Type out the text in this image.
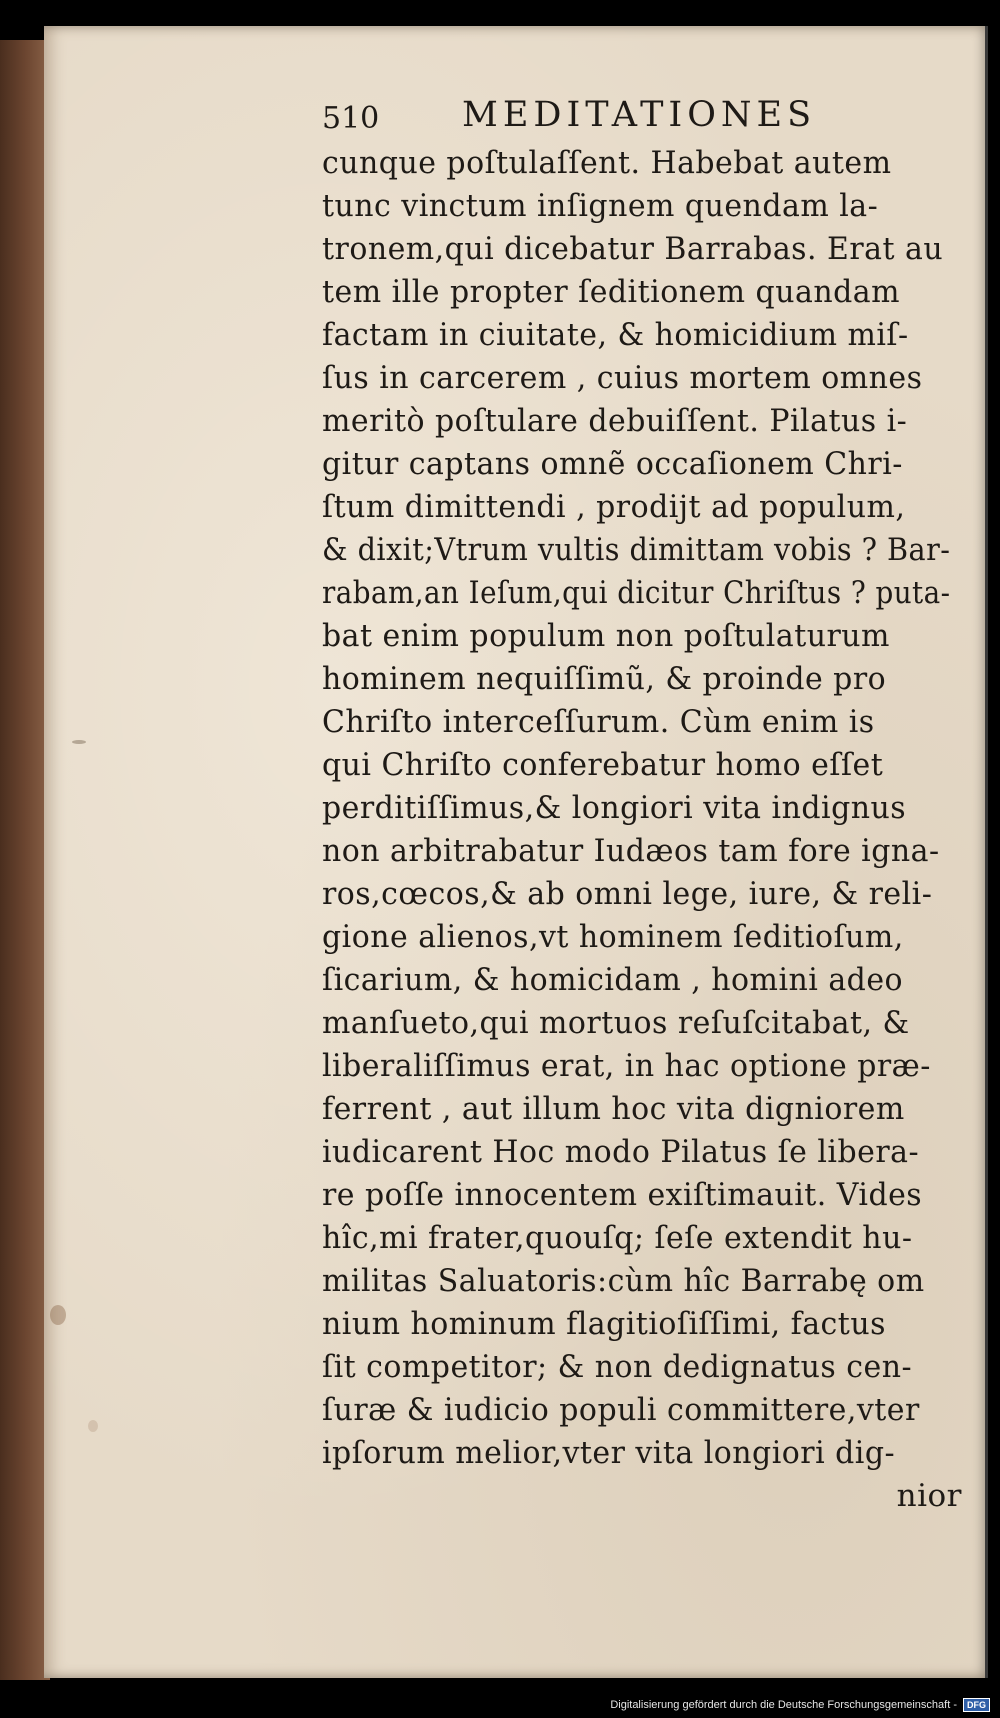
510 MEDITATIONES
cunque poſtulaſſent. Habebat autem
tunc vinctum inſignem quendam la-
tronem,qui dicebatur Barrabas. Erat au
tem ille propter ſeditionem quandam
factam in ciuitate, & homicidium miſ-
ſus in carcerem , cuius mortem omnes
meritò poſtulare debuiſſent. Pilatus i-
gitur captans omnẽ occaſionem Chri-
ſtum dimittendi , prodijt ad populum,
& dixit;Vtrum vultis dimittam vobis ? Bar-
rabam,an Ieſum,qui dicitur Chriſtus ? puta-
bat enim populum non poſtulaturum
hominem nequiſſimũ, & proinde pro
Chriſto interceſſurum. Cùm enim is
qui Chriſto conferebatur homo eſſet
perditiſſimus,& longiori vita indignus
non arbitrabatur Iudæos tam fore igna-
ros,cœcos,& ab omni lege, iure, & reli-
gione alienos,vt hominem ſeditioſum,
ſicarium, & homicidam , homini adeo
manſueto,qui mortuos reſuſcitabat, &
liberaliſſimus erat, in hac optione præ-
ferrent , aut illum hoc vita digniorem
iudicarent Hoc modo Pilatus ſe libera-
re poſſe innocentem exiſtimauit. Vides
hîc,mi frater,quouſq; ſeſe extendit hu-
militas Saluatoris:cùm hîc Barrabę om
nium hominum flagitioſiſſimi, factus
ſit competitor; & non dedignatus cen-
ſuræ & iudicio populi committere,vter
ipſorum melior,vter vita longiori dig-
nior
Digitalisierung gefördert durch die Deutsche Forschungsgemeinschaft -	DFG
